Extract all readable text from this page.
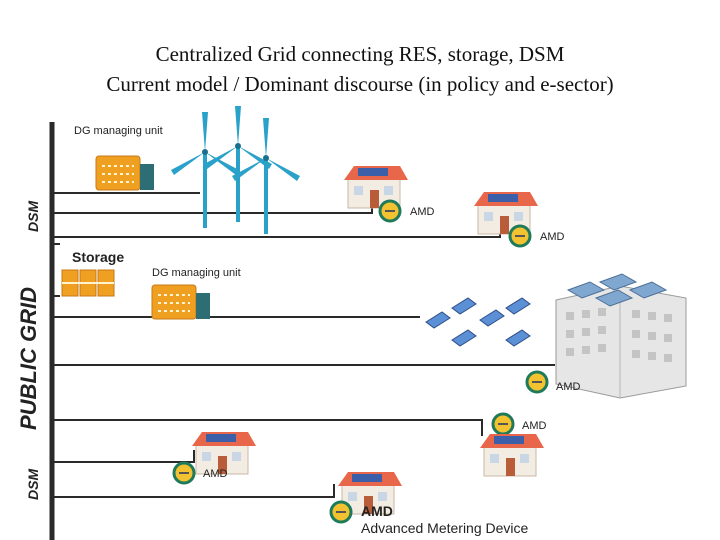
Centralized Grid connecting RES, storage, DSM
Current model / Dominant discourse (in policy and e-sector)
DSM
PUBLIC GRID
DSM
DG managing unit
AMD
AMD
Storage
DG managing unit
AMD
AMD
AMD
AMD
Advanced Metering Device
